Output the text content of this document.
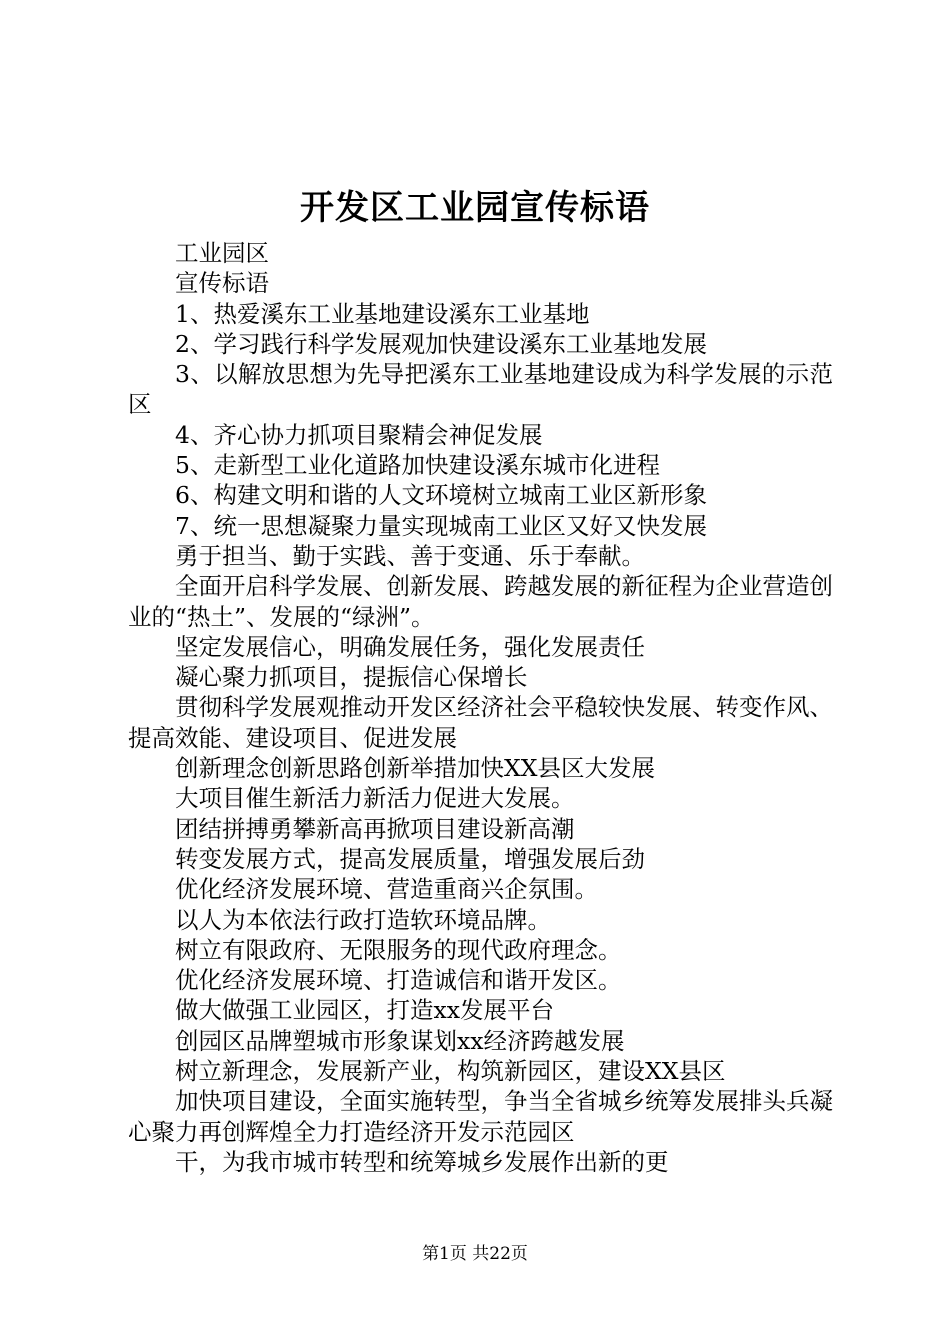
开发区工业园宣传标语

工业园区

宣传标语

1、热爱溪东工业基地建设溪东工业基地

2、学习践行科学发展观加快建设溪东工业基地发展

3、以解放思想为先导把溪东工业基地建设成为科学发展的示范区

4、齐心协力抓项目聚精会神促发展

5、走新型工业化道路加快建设溪东城市化进程

6、构建文明和谐的人文环境树立城南工业区新形象

7、统一思想凝聚力量实现城南工业区又好又快发展

勇于担当、勤于实践、善于变通、乐于奉献。

全面开启科学发展、创新发展、跨越发展的新征程为企业营造创业的“热土”、发展的“绿洲”。

坚定发展信心，明确发展任务，强化发展责任

凝心聚力抓项目，提振信心保增长

贯彻科学发展观推动开发区经济社会平稳较快发展、转变作风、提高效能、建设项目、促进发展

创新理念创新思路创新举措加快XX县区大发展

大项目催生新活力新活力促进大发展。

团结拼搏勇攀新高再掀项目建设新高潮

转变发展方式，提高发展质量，增强发展后劲

优化经济发展环境、营造重商兴企氛围。

以人为本依法行政打造软环境品牌。

树立有限政府、无限服务的现代政府理念。

优化经济发展环境、打造诚信和谐开发区。

做大做强工业园区，打造xx发展平台

创园区品牌塑城市形象谋划xx经济跨越发展

树立新理念，发展新产业，构筑新园区，建设XX县区

加快项目建设，全面实施转型，争当全省城乡统筹发展排头兵凝心聚力再创辉煌全力打造经济开发示范园区

干，为我市城市转型和统筹城乡发展作出新的更

第1页 共22页
